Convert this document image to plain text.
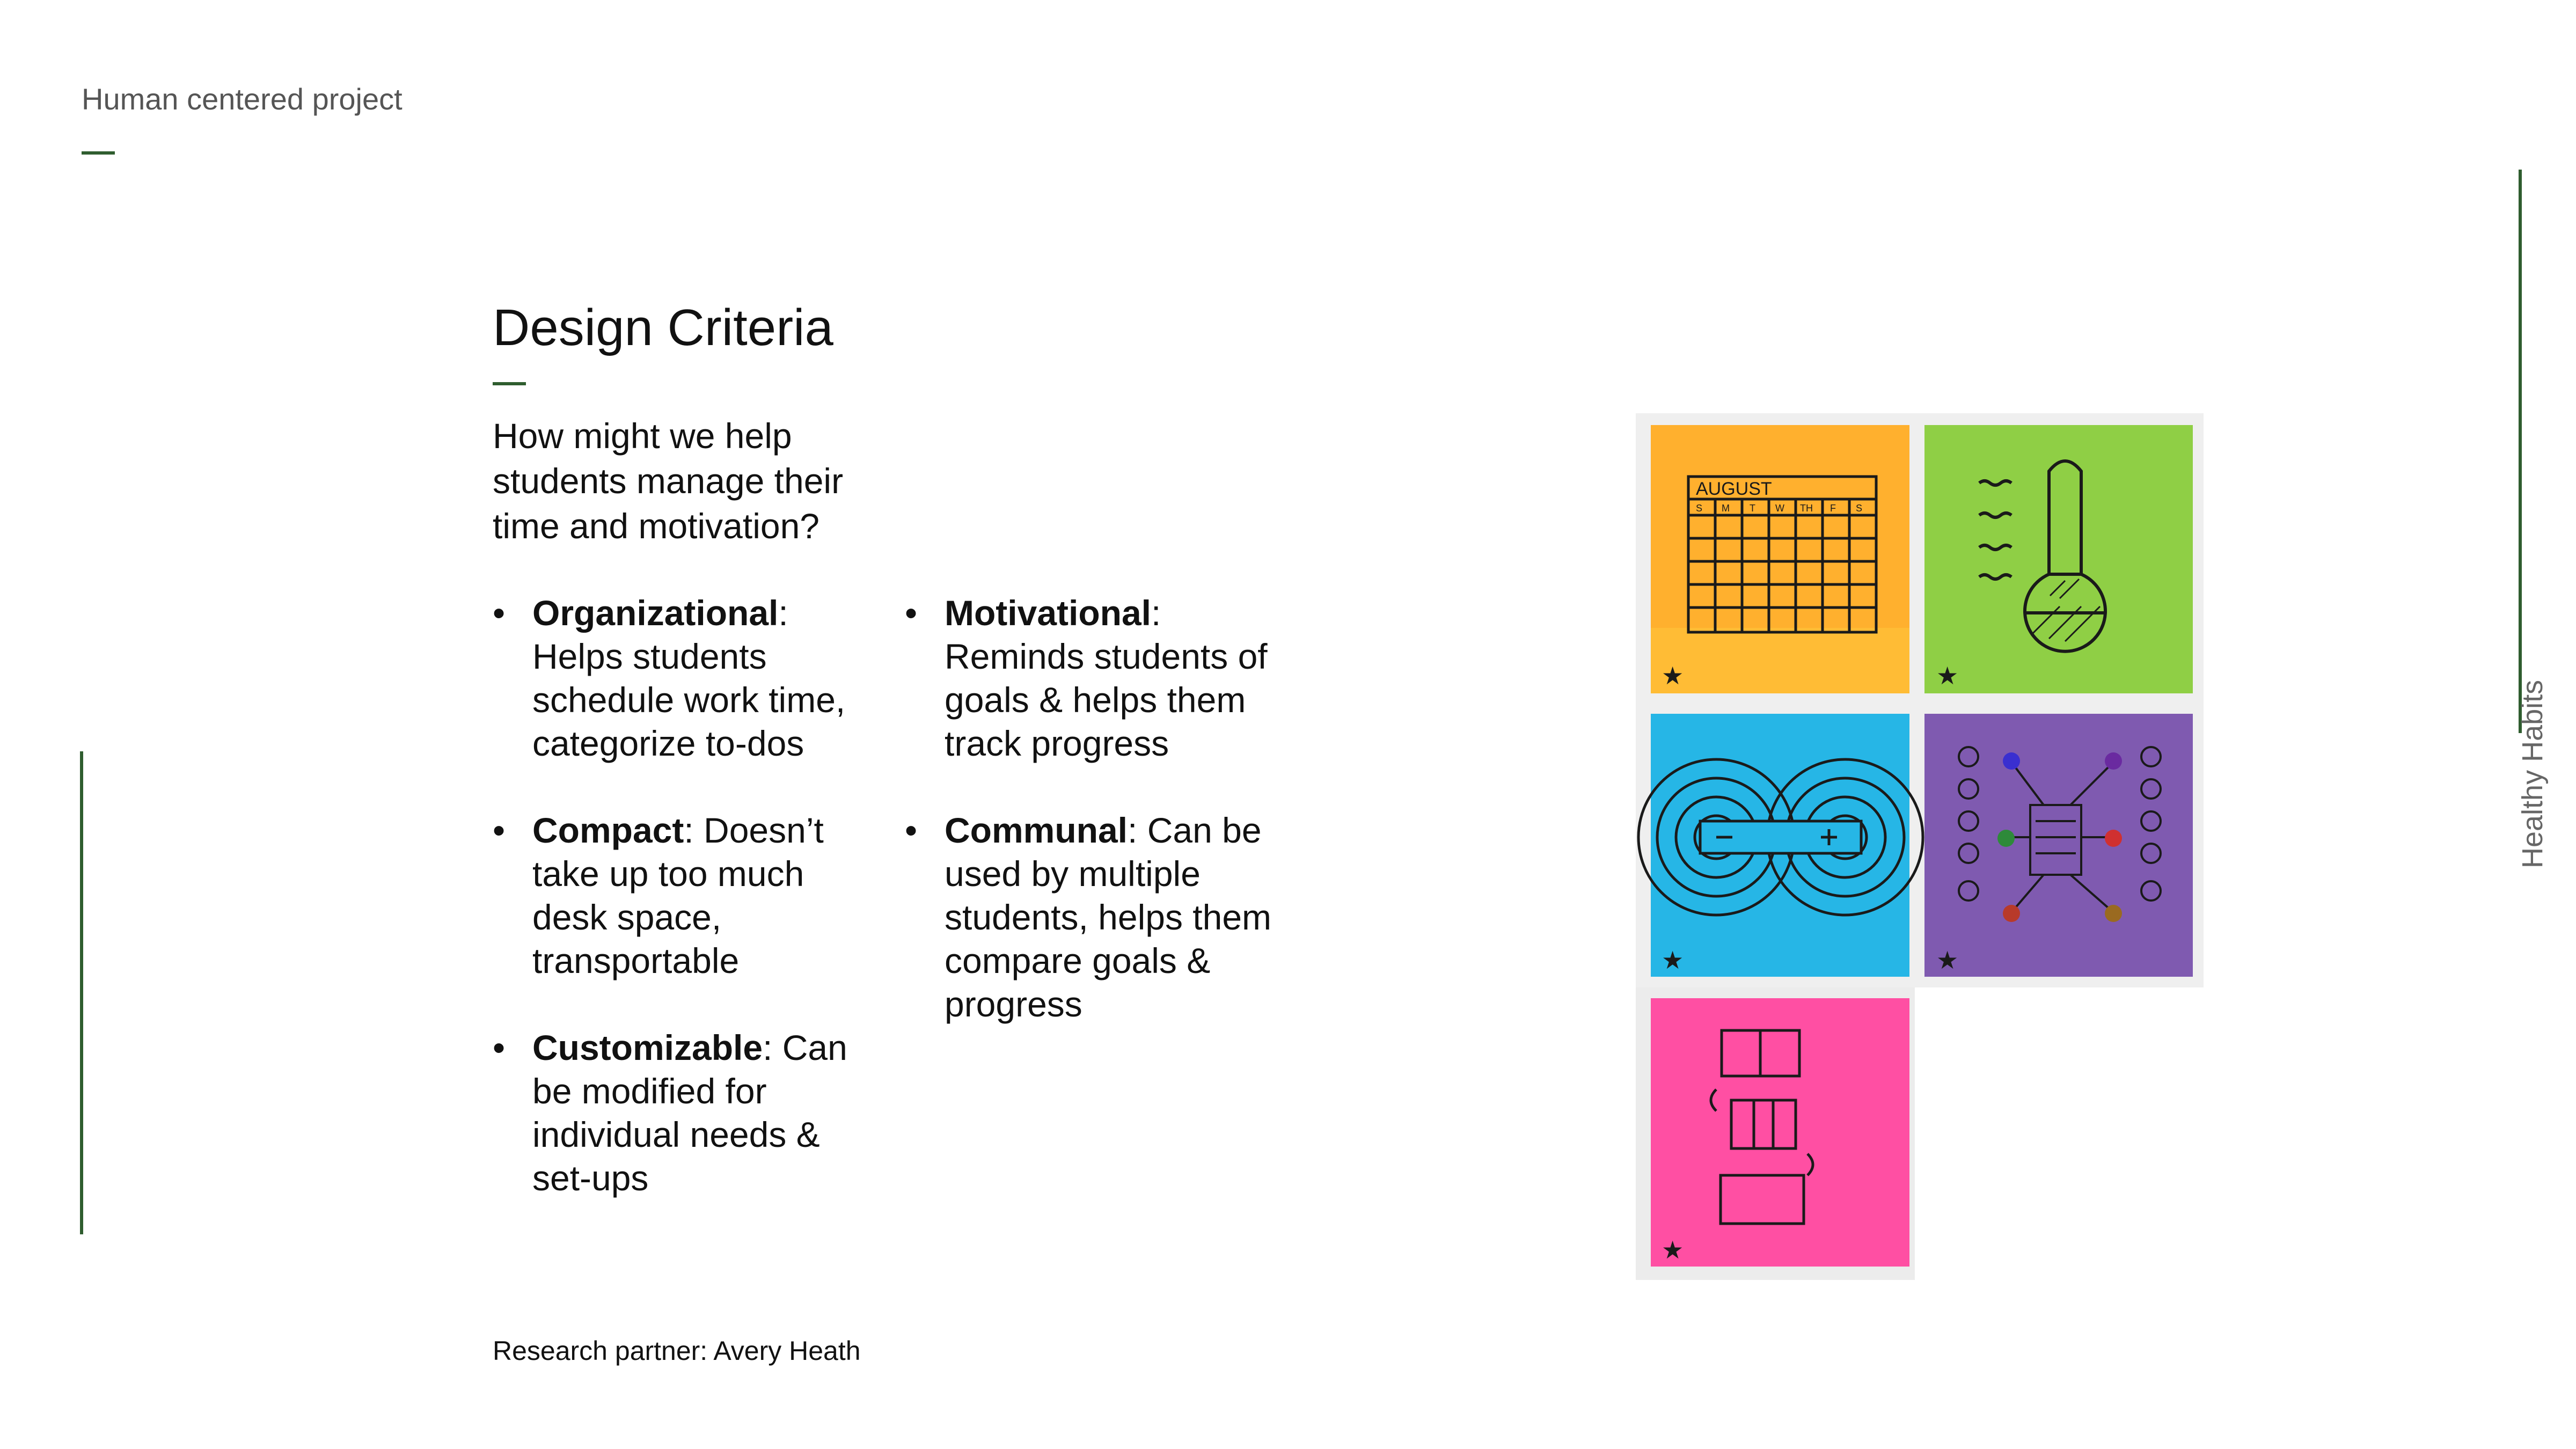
Human centered project
Healthy Habits
Design Criteria
How might we help students manage their time and motivation?
• Organizational: Helps students schedule work time, categorize to-dos
• Compact: Doesn’t take up too much desk space, transportable
• Customizable: Can be modified for individual needs & set-ups
• Motivational: Reminds students of goals & helps them track progress
• Communal: Can be used by multiple students, helps them compare goals & progress
Research partner: Avery Heath
AUGUST
S M T W TH F S
★	★
★	★
★
